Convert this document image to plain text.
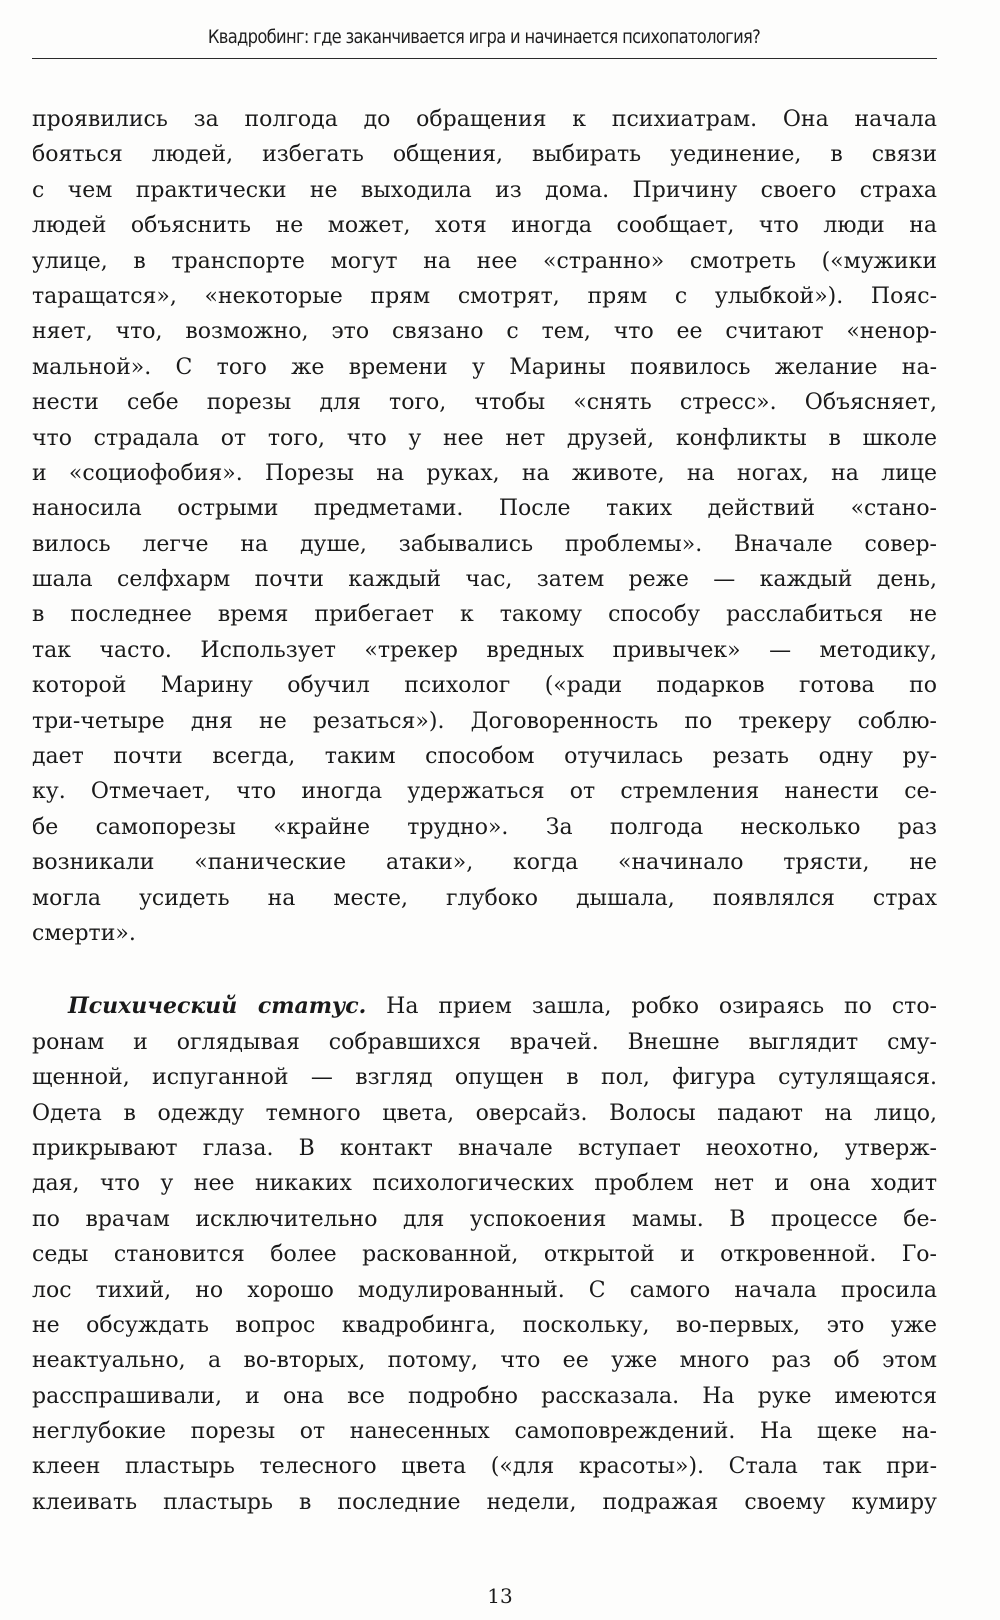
Квадробинг: где заканчивается игра и начинается психопатология?
проявились за полгода до обращения к психиатрам. Она начала
бояться людей, избегать общения, выбирать уединение, в связи
с чем практически не выходила из дома. Причину своего страха
людей объяснить не может, хотя иногда сообщает, что люди на
улице, в транспорте могут на нее «странно» смотреть («мужики
таращатся», «некоторые прям смотрят, прям с улыбкой»). Пояс-
няет, что, возможно, это связано с тем, что ее считают «ненор-
мальной». С того же времени у Марины появилось желание на-
нести себе порезы для того, чтобы «снять стресс». Объясняет,
что страдала от того, что у нее нет друзей, конфликты в школе
и «социофобия». Порезы на руках, на животе, на ногах, на лице
наносила острыми предметами. После таких действий «стано-
вилось легче на душе, забывались проблемы». Вначале совер-
шала селфхарм почти каждый час, затем реже — каждый день,
в последнее время прибегает к такому способу расслабиться не
так часто. Использует «трекер вредных привычек» — методику,
которой Марину обучил психолог («ради подарков готова по
три-четыре дня не резаться»). Договоренность по трекеру соблю-
дает почти всегда, таким способом отучилась резать одну ру-
ку. Отмечает, что иногда удержаться от стремления нанести се-
бе самопорезы «крайне трудно». За полгода несколько раз
возникали «панические атаки», когда «начинало трясти, не
могла усидеть на месте, глубоко дышала, появлялся страх
смерти».
Психический статус. На прием зашла, робко озираясь по сто-
ронам и оглядывая собравшихся врачей. Внешне выглядит сму-
щенной, испуганной — взгляд опущен в пол, фигура сутулящаяся.
Одета в одежду темного цвета, оверсайз. Волосы падают на лицо,
прикрывают глаза. В контакт вначале вступает неохотно, утверж-
дая, что у нее никаких психологических проблем нет и она ходит
по врачам исключительно для успокоения мамы. В процессе бе-
седы становится более раскованной, открытой и откровенной. Го-
лос тихий, но хорошо модулированный. С самого начала просила
не обсуждать вопрос квадробинга, поскольку, во-первых, это уже
неактуально, а во-вторых, потому, что ее уже много раз об этом
расспрашивали, и она все подробно рассказала. На руке имеются
неглубокие порезы от нанесенных самоповреждений. На щеке на-
клеен пластырь телесного цвета («для красоты»). Стала так при-
клеивать пластырь в последние недели, подражая своему кумиру
13
